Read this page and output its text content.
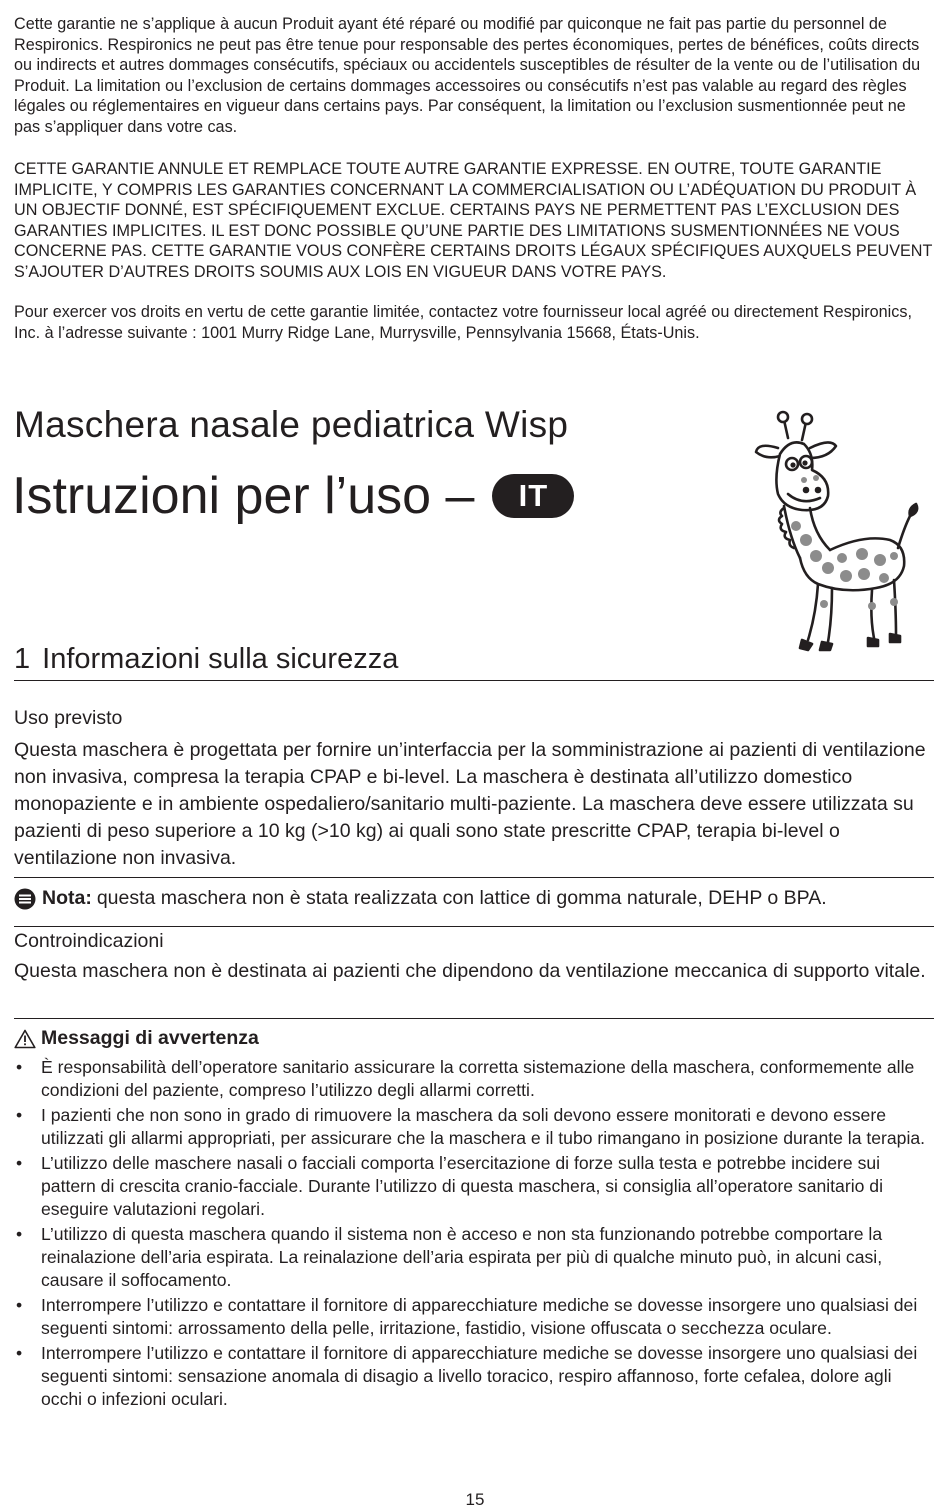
Cette garantie ne s’applique à aucun Produit ayant été réparé ou modifié par quiconque ne fait pas partie du personnel de Respironics. Respironics ne peut pas être tenue pour responsable des pertes économiques, pertes de bénéfices, coûts directs ou indirects et autres dommages consécutifs, spéciaux ou accidentels susceptibles de résulter de la vente ou de l’utilisation du Produit. La limitation ou l’exclusion de certains dommages accessoires ou consécutifs n’est pas valable au regard des règles légales ou réglementaires en vigueur dans certains pays. Par conséquent, la limitation ou l’exclusion susmentionnée peut ne pas s’appliquer dans votre cas.

CETTE GARANTIE ANNULE ET REMPLACE TOUTE AUTRE GARANTIE EXPRESSE. EN OUTRE, TOUTE GARANTIE IMPLICITE, Y COMPRIS LES GARANTIES CONCERNANT LA COMMERCIALISATION OU L’ADÉQUATION DU PRODUIT À UN OBJECTIF DONNÉ, EST SPÉCIFIQUEMENT EXCLUE. CERTAINS PAYS NE PERMETTENT PAS L’EXCLUSION DES GARANTIES IMPLICITES. IL EST DONC POSSIBLE QU’UNE PARTIE DES LIMITATIONS SUSMENTIONNÉES NE VOUS CONCERNE PAS. CETTE GARANTIE VOUS CONFÈRE CERTAINS DROITS LÉGAUX SPÉCIFIQUES AUXQUELS PEUVENT S’AJOUTER D’AUTRES DROITS SOUMIS AUX LOIS EN VIGUEUR DANS VOTRE PAYS.

Pour exercer vos droits en vertu de cette garantie limitée, contactez votre fournisseur local agréé ou directement Respironics, Inc. à l’adresse suivante : 1001 Murry Ridge Lane, Murrysville, Pennsylvania 15668, États-Unis.

Maschera nasale pediatrica Wisp
Istruzioni per l’uso –	IT
1 Informazioni sulla sicurezza
Uso previsto

Questa maschera è progettata per fornire un’interfaccia per la somministrazione ai pazienti di ventilazione non invasiva, compresa la terapia CPAP e bi-level. La maschera è destinata all’utilizzo domestico monopaziente e in ambiente ospedaliero/sanitario multi-paziente. La maschera deve essere utilizzata su pazienti di peso superiore a 10 kg (>10 kg) ai quali sono state prescritte CPAP, terapia bi-level o ventilazione non invasiva.

Nota: questa maschera non è stata realizzata con lattice di gomma naturale, DEHP o BPA.

Controindicazioni

Questa maschera non è destinata ai pazienti che dipendono da ventilazione meccanica di supporto vitale.

Messaggi di avvertenza
• È responsabilità dell’operatore sanitario assicurare la corretta sistemazione della maschera, conformemente alle condizioni del paziente, compreso l’utilizzo degli allarmi corretti.
• I pazienti che non sono in grado di rimuovere la maschera da soli devono essere monitorati e devono essere utilizzati gli allarmi appropriati, per assicurare che la maschera e il tubo rimangano in posizione durante la terapia.
• L’utilizzo delle maschere nasali o facciali comporta l’esercitazione di forze sulla testa e potrebbe incidere sui pattern di crescita cranio-facciale. Durante l’utilizzo di questa maschera, si consiglia all’operatore sanitario di eseguire valutazioni regolari.
• L’utilizzo di questa maschera quando il sistema non è acceso e non sta funzionando potrebbe comportare la reinalazione dell’aria espirata. La reinalazione dell’aria espirata per più di qualche minuto può, in alcuni casi, causare il soffocamento.
• Interrompere l’utilizzo e contattare il fornitore di apparecchiature mediche se dovesse insorgere uno qualsiasi dei seguenti sintomi: arrossamento della pelle, irritazione, fastidio, visione offuscata o secchezza oculare.
• Interrompere l’utilizzo e contattare il fornitore di apparecchiature mediche se dovesse insorgere uno qualsiasi dei seguenti sintomi: sensazione anomala di disagio a livello toracico, respiro affannoso, forte cefalea, dolore agli occhi o infezioni oculari.

15
